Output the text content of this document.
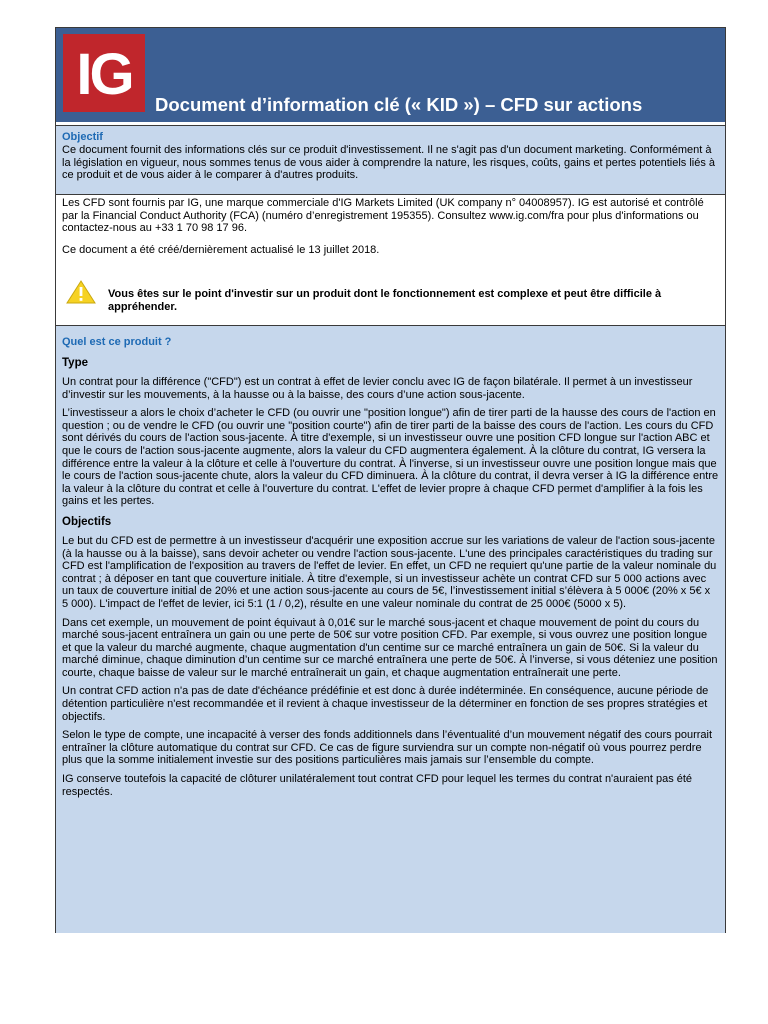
IG Document d’information clé (« KID ») – CFD sur actions
Objectif
Ce document fournit des informations clés sur ce produit d'investissement. Il ne s'agit pas d'un document marketing. Conformément à la législation en vigueur, nous sommes tenus de vous aider à comprendre la nature, les risques, coûts, gains et pertes potentiels liés à ce produit et de vous aider à le comparer à d'autres produits.

Les CFD sont fournis par IG, une marque commerciale d'IG Markets Limited (UK company n° 04008957). IG est autorisé et contrôlé par la Financial Conduct Authority (FCA) (numéro d’enregistrement 195355). Consultez www.ig.com/fra pour plus d'informations ou contactez-nous au +33 1 70 98 17 96.

Ce document a été créé/dernièrement actualisé le 13 juillet 2018.

Vous êtes sur le point d'investir sur un produit dont le fonctionnement est complexe et peut être difficile à appréhender.
Quel est ce produit ?
Type

Un contrat pour la différence ("CFD") est un contrat à effet de levier conclu avec IG de façon bilatérale. Il permet à un investisseur d’investir sur les mouvements, à la hausse ou à la baisse, des cours d’une action sous-jacente.

L’investisseur a alors le choix d’acheter le CFD (ou ouvrir une "position longue") afin de tirer parti de la hausse des cours de l'action en question ; ou de vendre le CFD (ou ouvrir une "position courte") afin de tirer parti de la baisse des cours de l'action. Les cours du CFD sont dérivés du cours de l'action sous-jacente. À titre d'exemple, si un investisseur ouvre une position CFD longue sur l'action ABC et que le cours de l'action sous-jacente augmente, alors la valeur du CFD augmentera également. À la clôture du contrat, IG versera la différence entre la valeur à la clôture et celle à l'ouverture du contrat. À l'inverse, si un investisseur ouvre une position longue mais que le cours de l'action sous-jacente chute, alors la valeur du CFD diminuera. À la clôture du contrat, il devra verser à IG la différence entre la valeur à la clôture du contrat et celle à l'ouverture du contrat. L'effet de levier propre à chaque CFD permet d'amplifier à la fois les gains et les pertes.

Objectifs

Le but du CFD est de permettre à un investisseur d'acquérir une exposition accrue sur les variations de valeur de l'action sous-jacente (à la hausse ou à la baisse), sans devoir acheter ou vendre l'action sous-jacente. L'une des principales caractéristiques du trading sur CFD est l'amplification de l'exposition au travers de l'effet de levier. En effet, un CFD ne requiert qu'une partie de la valeur nominale du contrat ; à déposer en tant que couverture initiale. À titre d'exemple, si un investisseur achète un contrat CFD sur 5 000 actions avec un taux de couverture initial de 20% et une action sous-jacente au cours de 5€, l’investissement initial s’élèvera à 5 000€ (20% x 5€ x 5 000). L'impact de l'effet de levier, ici 5:1 (1 / 0,2), résulte en une valeur nominale du contrat de 25 000€ (5000 x 5).

Dans cet exemple, un mouvement de point équivaut à 0,01€ sur le marché sous-jacent et chaque mouvement de point du cours du marché sous-jacent entraînera un gain ou une perte de 50€ sur votre position CFD. Par exemple, si vous ouvrez une position longue et que la valeur du marché augmente, chaque augmentation d'un centime sur ce marché entraînera un gain de 50€. Si la valeur du marché diminue, chaque diminution d’un centime sur ce marché entraînera une perte de 50€. À l’inverse, si vous déteniez une position courte, chaque baisse de valeur sur le marché entraînerait un gain, et chaque augmentation entraînerait une perte.

Un contrat CFD action n'a pas de date d'échéance prédéfinie et est donc à durée indéterminée. En conséquence, aucune période de détention particulière n'est recommandée et il revient à chaque investisseur de la déterminer en fonction de ses propres stratégies et objectifs.

Selon le type de compte, une incapacité à verser des fonds additionnels dans l’éventualité d’un mouvement négatif des cours pourrait entraîner la clôture automatique du contrat sur CFD. Ce cas de figure surviendra sur un compte non-négatif où vous pourrez perdre plus que la somme initialement investie sur des positions particulières mais jamais sur l’ensemble du compte.

IG conserve toutefois la capacité de clôturer unilatéralement tout contrat CFD pour lequel les termes du contrat n'auraient pas été respectés.
